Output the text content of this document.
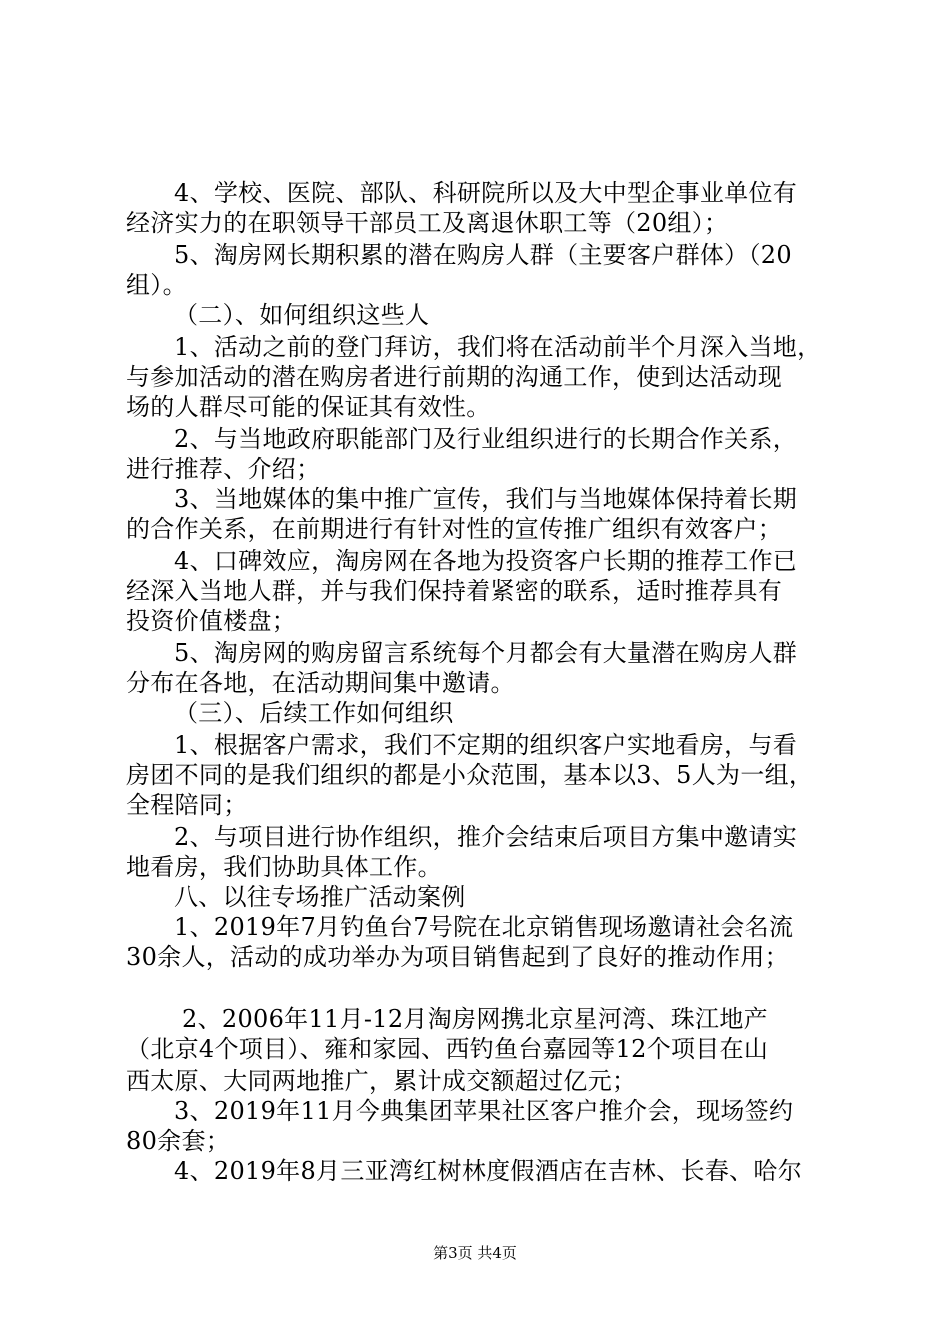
4、学校、医院、部队、科研院所以及大中型企事业单位有
经济实力的在职领导干部员工及离退休职工等（20组）；
5、淘房网长期积累的潜在购房人群（主要客户群体）（20
组）。
（二）、如何组织这些人
1、活动之前的登门拜访，我们将在活动前半个月深入当地，
与参加活动的潜在购房者进行前期的沟通工作，使到达活动现
场的人群尽可能的保证其有效性。
2、与当地政府职能部门及行业组织进行的长期合作关系，
进行推荐、介绍；
3、当地媒体的集中推广宣传，我们与当地媒体保持着长期
的合作关系，在前期进行有针对性的宣传推广组织有效客户；
4、口碑效应，淘房网在各地为投资客户长期的推荐工作已
经深入当地人群，并与我们保持着紧密的联系，适时推荐具有
投资价值楼盘；
5、淘房网的购房留言系统每个月都会有大量潜在购房人群
分布在各地，在活动期间集中邀请。
（三）、后续工作如何组织
1、根据客户需求，我们不定期的组织客户实地看房，与看
房团不同的是我们组织的都是小众范围，基本以3、5人为一组，
全程陪同；
2、与项目进行协作组织，推介会结束后项目方集中邀请实
地看房，我们协助具体工作。
八、以往专场推广活动案例
1、2019年7月钓鱼台7号院在北京销售现场邀请社会名流
30余人，活动的成功举办为项目销售起到了良好的推动作用；
2、2006年11月-12月淘房网携北京星河湾、珠江地产
（北京4个项目）、雍和家园、西钓鱼台嘉园等12个项目在山
西太原、大同两地推广，累计成交额超过亿元；
3、2019年11月今典集团苹果社区客户推介会，现场签约
80余套；
4、2019年8月三亚湾红树林度假酒店在吉林、长春、哈尔
第3页 共4页
